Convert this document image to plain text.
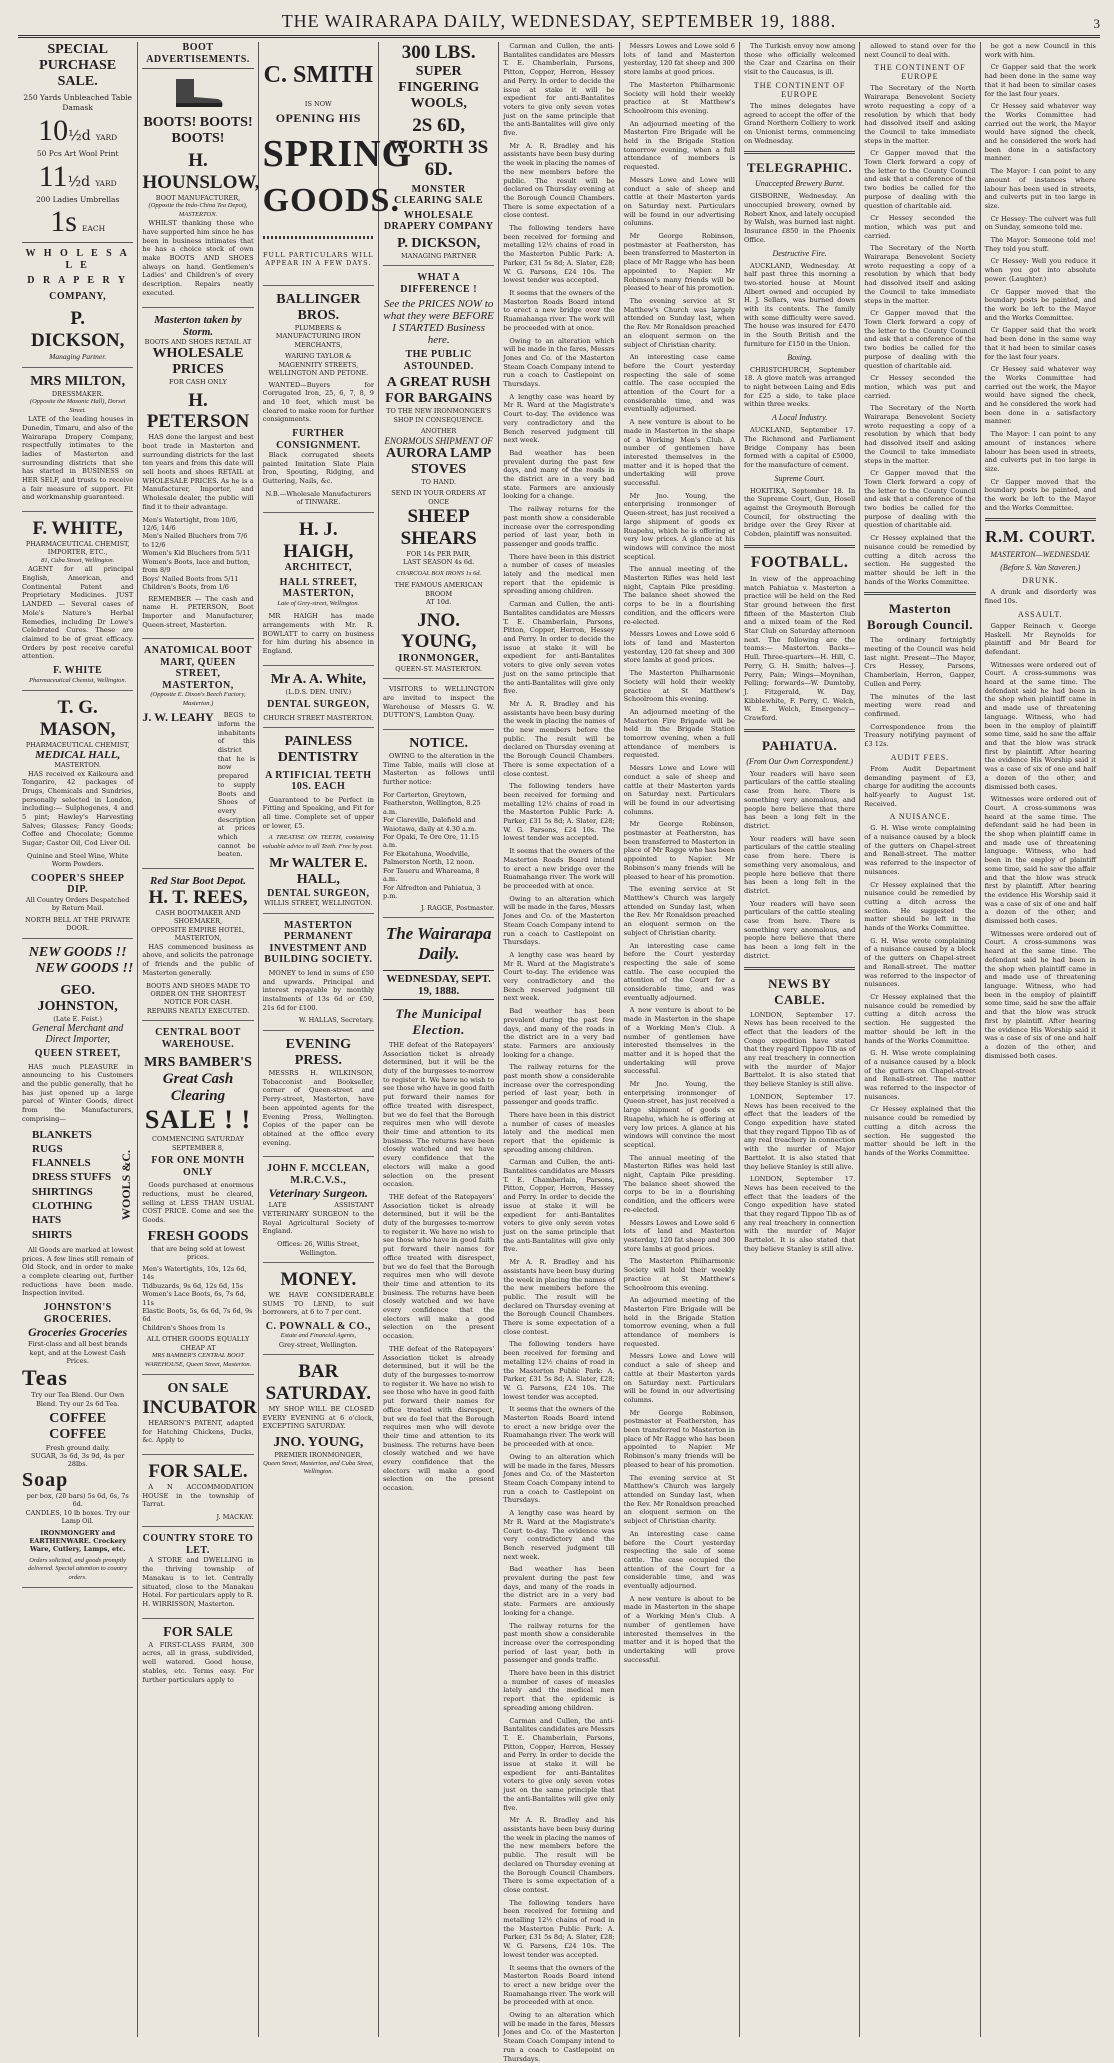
THE WAIRARAPA DAILY, WEDNESDAY, SEPTEMBER 19, 1888.	3
SPECIAL PURCHASE SALE.
250 Yards Unbleached Table Damask
10½d YARD
50 Pcs Art Wool Print
11½d YARD
200 Ladies Umbrellas
1s EACH
W H O L E S A L E
D R A P E R Y
COMPANY,
P. DICKSON,
Managing Partner.
MRS MILTON,
DRESSMAKER.
(Opposite the Masonic Hall), Dorset Street.
LATE of the leading houses in Dunedin, Timaru, and also of the Wairarapa Drapery Company, respectfully intimates to the ladies of Masterton and surrounding districts that she has started in BUSINESS on HER SELF, and trusts to receive a fair measure of support. Fit and workmanship guaranteed.
F. WHITE,
PHARMACEUTICAL CHEMIST,
IMPORTER, ETC.,
81, Cuba Street, Wellington.
AGENT for all principal English, American, and Continental Patent and Proprietary Medicines. JUST LANDED — Several cases of Mole's Nature's Herbal Remedies, including Dr Lowe's Celebrated Cures. These are claimed to be of great efficacy. Orders by post receive careful attention.
F. WHITE
Pharmaceutical Chemist, Wellington.
T. G. MASON,
PHARMACEUTICAL CHEMIST,
MEDICAL HALL,
MASTERTON.
HAS received ex Kaikoura and Tongariro, 42 packages of Drugs, Chemicals and Sundries, personally selected in London, including:— Sulphogenes, 4 and 5 pint; Hawley's Harvesting Salves; Glasses; Fancy Goods; Coffee and Chocolate; Gomme Sugar; Castor Oil, Cod Liver Oil.
Quinine and Steel Wine, White Worm Powders.
COOPER'S SHEEP DIP.
All Country Orders Despatched by Return Mail.
NORTH BELL AT THE PRIVATE DOOR.
NEW GOODS !!
NEW GOODS !!
GEO. JOHNSTON,
(Late E. Feist.)
General Merchant and Direct Importer,
QUEEN STREET,
HAS much PLEASURE in announcing to his Customers and the public generally, that he has just opened up a large parcel of Winter Goods, direct from the Manufacturers, comprising—
BLANKETS
RUGS
FLANNELS
DRESS STUFFS
SHIRTINGS
CLOTHING
HATS
SHIRTS
WOOLS &C.
All Goods are marked at lowest prices. A few lines still remain of Old Stock, and in order to make a complete clearing out, further reductions have been made. Inspection invited.
JOHNSTON'S GROCERIES.
Groceries Groceries
First-class and all best brands kept, and at the Lowest Cash Prices.
Teas
Try our Tea Blend. Our Own Blend. Try our 2s 6d Tea.
COFFEE COFFEE
Fresh ground daily.
SUGAR, 3s 6d, 3s 9d, 4s per 28lbs.
Soap
per box, (20 bars) 5s 6d, 6s, 7s 6d.
CANDLES, 10 lb boxes. Try our Lamp Oil.
IRONMONGERY and EARTHENWARE. Crockery Ware, Cutlery, Lamps, etc.
Orders solicited, and goods promptly delivered. Special attention to country orders.
BOOT ADVERTISEMENTS.
BOOTS! BOOTS! BOOTS!
H. HOUNSLOW,
BOOT MANUFACTURER,
(Opposite the Indo-China Tea Depot), MASTERTON.
WHILST thanking those who have supported him since he has been in business intimates that he has a choice stock of own make BOOTS AND SHOES always on hand. Gentlemen's Ladies' and Children's of every description. Repairs neatly executed.
Masterton taken by Storm.
BOOTS AND SHOES RETAIL AT
WHOLESALE PRICES
FOR CASH ONLY
H. PETERSON
HAS done the largest and best boot trade in Masterton and surrounding districts for the last ten years and from this date will sell boots and shoes RETAIL at WHOLESALE PRICES. As he is a Manufacturer, Importer, and Wholesale dealer, the public will find it to their advantage.
Men's Watertight, from 10/6, 12/6, 14/6
Men's Nailed Bluchers from 7/6 to 12/6
Women's Kid Bluchers from 5/11
Women's Boots, lace and button, from 8/9
Boys' Nailed Boots from 5/11
Children's Boots, from 1/6
REMEMBER — The cash and name H. PETERSON, Boot Importer and Manufacturer, Queen-street, Masterton.
ANATOMICAL BOOT MART, QUEEN STREET, MASTERTON,
(Opposite E. Dixon's Beech Factory, Masterton.)
J. W. LEAHY	BEGS to inform the inhabitants of this district that he is now prepared to supply Boots and Shoes of every description at prices which cannot be beaten.
Red Star Boot Depot.
H. T. REES,
CASH BOOTMAKER AND SHOEMAKER,
OPPOSITE EMPIRE HOTEL, MASTERTON,
HAS commenced business as above, and solicits the patronage of friends and the public of Masterton generally.
BOOTS AND SHOES MADE TO ORDER ON THE SHORTEST NOTICE FOR CASH.
REPAIRS NEATLY EXECUTED.
CENTRAL BOOT WAREHOUSE.
MRS BAMBER'S
Great Cash Clearing
SALE ! !
COMMENCING SATURDAY SEPTEMBER 8,
FOR ONE MONTH ONLY
Goods purchased at enormous reductions, must be cleared, selling at LESS THAN USUAL COST PRICE. Come and see the Goods.
FRESH GOODS
that are being sold at lowest prices.
Men's Watertights, 10s, 12s 6d, 14s
Tidbuzards, 9s 6d, 12s 6d, 15s
Women's Lace Boots, 6s, 7s 6d, 11s
Elastic Boots, 5s, 6s 6d, 7s 6d, 9s 6d
Children's Shoes from 1s
ALL OTHER GOODS EQUALLY CHEAP AT
MRS BAMBER'S CENTRAL BOOT WAREHOUSE, Queen Street, Masterton.
ON SALE
INCUBATOR
HEARSON'S PATENT, adapted for Hatching Chickens, Ducks, &c. Apply to
FOR SALE.
A N ACCOMMODATION HOUSE in the township of Tarrat.
J. MACKAY.
COUNTRY STORE TO LET.
A STORE and DWELLING in the thriving township of Manakau is to let. Centrally situated, close to the Manakau Hotel. For particulars apply to R. H. WIRRISSON, Masterton.
FOR SALE
A FIRST-CLASS FARM, 300 acres, all in grass, subdivided, well watered. Good house, stables, etc. Terms easy. For further particulars apply to
C. SMITH
IS NOW
OPENING HIS
SPRING
GOODS.
FULL PARTICULARS WILL APPEAR IN A FEW DAYS.
BALLINGER BROS.
PLUMBERS & MANUFACTURING IRON MERCHANTS,
WARING TAYLOR & MAGENNITY STREETS, WELLINGTON AND PETONE.
WANTED—Buyers for Corrugated Iron, 25, 6, 7, 8, 9 and 10 feet, which must be cleared to make room for further consignments.
FURTHER CONSIGNMENT.
Black corrugated sheets painted Imitation Slate Plain Iron, Spouting, Ridging, and Guttering, Nails, &c.
N.B.—Wholesale Manufacturers of TINWARE.
H. J. HAIGH,
ARCHITECT,
HALL STREET, MASTERTON,
Late of Grey-street, Wellington.
MR HAIGH has made arrangements with Mr. R. BOWLATT to carry on business for him during his absence in England.
Mr A. A. White,
(L.D.S. DEN. UNIV.)
DENTAL SURGEON,
CHURCH STREET MASTERTON.
PAINLESS DENTISTRY
A RTIFICIAL TEETH 10S. EACH
Guaranteed to be Perfect in Fitting and Speaking, and Fit for all time. Complete set of upper or lower, £5.
A TREATISE ON TEETH, containing valuable advice to all Teeth. Free by post.
Mr WALTER E. HALL,
DENTAL SURGEON,
WILLIS STREET, WELLINGTON.
MASTERTON PERMANENT INVESTMENT AND BUILDING SOCIETY.
MONEY to lend in sums of £50 and upwards. Principal and interest repayable by monthly instalments of 13s 6d or £50, 21s 6d for £100.
W. HALLAS, Secretary.
EVENING PRESS.
MESSRS H. WILKINSON, Tobacconist and Bookseller, corner of Queen-street and Perry-street, Masterton, have been appointed agents for the Evening Press, Wellington. Copies of the paper can be obtained at the office every evening.
JOHN F. MCCLEAN, M.R.C.V.S.,
Veterinary Surgeon.
LATE ASSISTANT VETERINARY SURGEON to the Royal Agricultural Society of England.
Offices: 26, Willis Street, Wellington.
MONEY.
WE HAVE CONSIDERABLE SUMS TO LEND, to suit borrowers, at 6 to 7 per cent.
C. POWNALL & CO.,
Estate and Financial Agents,
Grey-street, Wellington.
BAR SATURDAY.
MY SHOP WILL BE CLOSED EVERY EVENING at 6 o'clock, EXCEPTING SATURDAY.
JNO. YOUNG,
PREMIER IRONMONGER,
Queen Street, Masterton, and Cuba Street, Wellington.
300 LBS.
SUPER
FINGERING
WOOLS,
2S 6D, WORTH 3S 6D.
MONSTER CLEARING SALE
WHOLESALE DRAPERY COMPANY
P. DICKSON,
MANAGING PARTNER
WHAT A DIFFERENCE !
See the PRICES NOW to what they were BEFORE I STARTED Business here.
THE PUBLIC ASTOUNDED.
A GREAT RUSH FOR BARGAINS
TO THE NEW IRONMONGER'S SHOP IN CONSEQUENCE.
ANOTHER
ENORMOUS SHIPMENT OF
AURORA LAMP STOVES
TO HAND.
SEND IN YOUR ORDERS AT ONCE
SHEEP SHEARS
FOR 14s PER PAIR,
LAST SEASON 4s 6d.
CHARCOAL BOX IRONS 1s 6d.
THE FAMOUS AMERICAN BROOM
AT 10d.
JNO. YOUNG,
IRONMONGER,
QUEEN-ST. MASTERTON.
VISITORS to WELLINGTON are invited to inspect the Warehouse of Messrs G. W. DUTTON'S, Lambton Quay.
NOTICE.
OWING to the alteration in the Time Table, mails will close at Masterton as follows until further notice:
For Carterton, Greytown, Featherston, Wellington, 8.25 a.m.
For Clareville, Dalefield and Waiotawa, daily at 4.30 a.m.
For Opaki, Te Ore Ore, 11.15 a.m.
For Eketahuna, Woodville, Palmerston North, 12 noon.
For Taueru and Whareama, 8 a.m.
For Alfredton and Pahiatua, 3 p.m.
J. RAGGE, Postmaster.
The Wairarapa Daily.
WEDNESDAY, SEPT. 19, 1888.
The Municipal Election.
THE defeat of the Ratepayers' Association ticket is already determined, but it will be the duty of the burgesses to-morrow to register it. We have no wish to see those who have in good faith put forward their names for office treated with disrespect, but we do feel that the Borough requires men who will devote their time and attention to its business. The returns have been closely watched and we have every confidence that the electors will make a good selection on the present occasion.
THE defeat of the Ratepayers' Association ticket is already determined, but it will be the duty of the burgesses to-morrow to register it. We have no wish to see those who have in good faith put forward their names for office treated with disrespect, but we do feel that the Borough requires men who will devote their time and attention to its business. The returns have been closely watched and we have every confidence that the electors will make a good selection on the present occasion.
THE defeat of the Ratepayers' Association ticket is already determined, but it will be the duty of the burgesses to-morrow to register it. We have no wish to see those who have in good faith put forward their names for office treated with disrespect, but we do feel that the Borough requires men who will devote their time and attention to its business. The returns have been closely watched and we have every confidence that the electors will make a good selection on the present occasion.
Carman and Cullen, the anti-Bantalites candidates are Messrs T. E. Chamberlain, Parsons, Pitton, Copper, Herron, Hessey and Perry. In order to decide the issue at stake it will be expedient for anti-Bantalites voters to give only seven votes just on the same principle that the anti-Bantalites will give only five.
Mr A. R. Bradley and his assistants have been busy during the week in placing the names of the new members before the public. The result will be declared on Thursday evening at the Borough Council Chambers. There is some expectation of a close contest.
The following tenders have been received for forming and metalling 12½ chains of road in the Masterton Public Park: A. Parker, £31 5s 8d; A. Slater, £28; W. G. Parsons, £24 10s. The lowest tender was accepted.
It seems that the owners of the Masterton Roads Board intend to erect a new bridge over the Ruamahanga river. The work will be proceeded with at once.
Owing to an alteration which will be made in the fares, Messrs Jones and Co. of the Masterton Steam Coach Company intend to run a coach to Castlepoint on Thursdays.
A lengthy case was heard by Mr R. Ward at the Magistrate's Court to-day. The evidence was very contradictory and the Bench reserved judgment till next week.
Bad weather has been prevalent during the past few days, and many of the roads in the district are in a very bad state. Farmers are anxiously looking for a change.
The railway returns for the past month show a considerable increase over the corresponding period of last year, both in passenger and goods traffic.
There have been in this district a number of cases of measles lately and the medical men report that the epidemic is spreading among children.
Carman and Cullen, the anti-Bantalites candidates are Messrs T. E. Chamberlain, Parsons, Pitton, Copper, Herron, Hessey and Perry. In order to decide the issue at stake it will be expedient for anti-Bantalites voters to give only seven votes just on the same principle that the anti-Bantalites will give only five.
Mr A. R. Bradley and his assistants have been busy during the week in placing the names of the new members before the public. The result will be declared on Thursday evening at the Borough Council Chambers. There is some expectation of a close contest.
The following tenders have been received for forming and metalling 12½ chains of road in the Masterton Public Park: A. Parker, £31 5s 8d; A. Slater, £28; W. G. Parsons, £24 10s. The lowest tender was accepted.
It seems that the owners of the Masterton Roads Board intend to erect a new bridge over the Ruamahanga river. The work will be proceeded with at once.
Owing to an alteration which will be made in the fares, Messrs Jones and Co. of the Masterton Steam Coach Company intend to run a coach to Castlepoint on Thursdays.
A lengthy case was heard by Mr R. Ward at the Magistrate's Court to-day. The evidence was very contradictory and the Bench reserved judgment till next week.
Bad weather has been prevalent during the past few days, and many of the roads in the district are in a very bad state. Farmers are anxiously looking for a change.
The railway returns for the past month show a considerable increase over the corresponding period of last year, both in passenger and goods traffic.
There have been in this district a number of cases of measles lately and the medical men report that the epidemic is spreading among children.
Carman and Cullen, the anti-Bantalites candidates are Messrs T. E. Chamberlain, Parsons, Pitton, Copper, Herron, Hessey and Perry. In order to decide the issue at stake it will be expedient for anti-Bantalites voters to give only seven votes just on the same principle that the anti-Bantalites will give only five.
Mr A. R. Bradley and his assistants have been busy during the week in placing the names of the new members before the public. The result will be declared on Thursday evening at the Borough Council Chambers. There is some expectation of a close contest.
The following tenders have been received for forming and metalling 12½ chains of road in the Masterton Public Park: A. Parker, £31 5s 8d; A. Slater, £28; W. G. Parsons, £24 10s. The lowest tender was accepted.
It seems that the owners of the Masterton Roads Board intend to erect a new bridge over the Ruamahanga river. The work will be proceeded with at once.
Owing to an alteration which will be made in the fares, Messrs Jones and Co. of the Masterton Steam Coach Company intend to run a coach to Castlepoint on Thursdays.
A lengthy case was heard by Mr R. Ward at the Magistrate's Court to-day. The evidence was very contradictory and the Bench reserved judgment till next week.
Bad weather has been prevalent during the past few days, and many of the roads in the district are in a very bad state. Farmers are anxiously looking for a change.
The railway returns for the past month show a considerable increase over the corresponding period of last year, both in passenger and goods traffic.
There have been in this district a number of cases of measles lately and the medical men report that the epidemic is spreading among children.
Carman and Cullen, the anti-Bantalites candidates are Messrs T. E. Chamberlain, Parsons, Pitton, Copper, Herron, Hessey and Perry. In order to decide the issue at stake it will be expedient for anti-Bantalites voters to give only seven votes just on the same principle that the anti-Bantalites will give only five.
Mr A. R. Bradley and his assistants have been busy during the week in placing the names of the new members before the public. The result will be declared on Thursday evening at the Borough Council Chambers. There is some expectation of a close contest.
The following tenders have been received for forming and metalling 12½ chains of road in the Masterton Public Park: A. Parker, £31 5s 8d; A. Slater, £28; W. G. Parsons, £24 10s. The lowest tender was accepted.
It seems that the owners of the Masterton Roads Board intend to erect a new bridge over the Ruamahanga river. The work will be proceeded with at once.
Owing to an alteration which will be made in the fares, Messrs Jones and Co. of the Masterton Steam Coach Company intend to run a coach to Castlepoint on Thursdays.
Messrs Lowes and Lowe sold 6 lots of land and Masterton yesterday, 120 fat sheep and 300 store lambs at good prices.
The Masterton Philharmonic Society will hold their weekly practice at St Matthew's Schoolroom this evening.
An adjourned meeting of the Masterton Fire Brigade will be held in the Brigade Station tomorrow evening, when a full attendance of members is requested.
Messrs Lowe and Lowe will conduct a sale of sheep and cattle at their Masterton yards on Saturday next. Particulars will be found in our advertising columns.
Mr George Robinson, postmaster at Featherston, has been transferred to Masterton in place of Mr Ragge who has been appointed to Napier. Mr Robinson's many friends will be pleased to hear of his promotion.
The evening service at St Matthew's Church was largely attended on Sunday last, when the Rev. Mr Ronaldson preached an eloquent sermon on the subject of Christian charity.
An interesting case came before the Court yesterday respecting the sale of some cattle. The case occupied the attention of the Court for a considerable time, and was eventually adjourned.
A new venture is about to be made in Masterton in the shape of a Working Men's Club. A number of gentlemen have interested themselves in the matter and it is hoped that the undertaking will prove successful.
Mr Jno. Young, the enterprising ironmonger of Queen-street, has just received a large shipment of goods ex Ruapehu, which he is offering at very low prices. A glance at his windows will convince the most sceptical.
The annual meeting of the Masterton Rifles was held last night, Captain Pike presiding. The balance sheet showed the corps to be in a flourishing condition, and the officers were re-elected.
Messrs Lowes and Lowe sold 6 lots of land and Masterton yesterday, 120 fat sheep and 300 store lambs at good prices.
The Masterton Philharmonic Society will hold their weekly practice at St Matthew's Schoolroom this evening.
An adjourned meeting of the Masterton Fire Brigade will be held in the Brigade Station tomorrow evening, when a full attendance of members is requested.
Messrs Lowe and Lowe will conduct a sale of sheep and cattle at their Masterton yards on Saturday next. Particulars will be found in our advertising columns.
Mr George Robinson, postmaster at Featherston, has been transferred to Masterton in place of Mr Ragge who has been appointed to Napier. Mr Robinson's many friends will be pleased to hear of his promotion.
The evening service at St Matthew's Church was largely attended on Sunday last, when the Rev. Mr Ronaldson preached an eloquent sermon on the subject of Christian charity.
An interesting case came before the Court yesterday respecting the sale of some cattle. The case occupied the attention of the Court for a considerable time, and was eventually adjourned.
A new venture is about to be made in Masterton in the shape of a Working Men's Club. A number of gentlemen have interested themselves in the matter and it is hoped that the undertaking will prove successful.
Mr Jno. Young, the enterprising ironmonger of Queen-street, has just received a large shipment of goods ex Ruapehu, which he is offering at very low prices. A glance at his windows will convince the most sceptical.
The annual meeting of the Masterton Rifles was held last night, Captain Pike presiding. The balance sheet showed the corps to be in a flourishing condition, and the officers were re-elected.
Messrs Lowes and Lowe sold 6 lots of land and Masterton yesterday, 120 fat sheep and 300 store lambs at good prices.
The Masterton Philharmonic Society will hold their weekly practice at St Matthew's Schoolroom this evening.
An adjourned meeting of the Masterton Fire Brigade will be held in the Brigade Station tomorrow evening, when a full attendance of members is requested.
Messrs Lowe and Lowe will conduct a sale of sheep and cattle at their Masterton yards on Saturday next. Particulars will be found in our advertising columns.
Mr George Robinson, postmaster at Featherston, has been transferred to Masterton in place of Mr Ragge who has been appointed to Napier. Mr Robinson's many friends will be pleased to hear of his promotion.
The evening service at St Matthew's Church was largely attended on Sunday last, when the Rev. Mr Ronaldson preached an eloquent sermon on the subject of Christian charity.
An interesting case came before the Court yesterday respecting the sale of some cattle. The case occupied the attention of the Court for a considerable time, and was eventually adjourned.
A new venture is about to be made in Masterton in the shape of a Working Men's Club. A number of gentlemen have interested themselves in the matter and it is hoped that the undertaking will prove successful.
The Turkish envoy now among those who officially welcomed the Czar and Czarina on their visit to the Caucasus, is ill.
THE CONTINENT OF EUROPE
The mines delegates have agreed to accept the offer of the Grand Northern Colliery to work on Unionist terms, commencing on Wednesday.
TELEGRAPHIC.
Unaccepted Brewery Burnt.
GISBORNE, Wednesday. An unoccupied brewery, owned by Robert Knox, and lately occupied by Walsh, was burned last night. Insurance £850 in the Phoenix Office.
Destructive Fire.
AUCKLAND, Wednesday. At half past three this morning a two-storied house at Mount Albert owned and occupied by H. J. Sellars, was burned down with its contents. The family with some difficulty were saved. The house was insured for £470 in the South British and the furniture for £150 in the Union.
Boxing.
CHRISTCHURCH, September 18. A glove match was arranged to night between Laing and Edis for £25 a side, to take place within three weeks.
A Local Industry.
AUCKLAND, September 17. The Richmond and Parliament Bridge Company has been formed with a capital of £5000, for the manufacture of cement.
Supreme Court.
HOKITIKA, September 18. In the Supreme Court, Gun, Hosell against the Greymouth Borough Council, for obstructing the bridge over the Grey River at Cobden, plaintiff was nonsuited.
FOOTBALL.
In view of the approaching match Pahiatua v. Masterton a practice will be held on the Red Star ground between the first fifteen of the Masterton Club and a mixed team of the Red Star Club on Saturday afternoon next. The following are the teams:— Masterton. Backs—Hull. Three-quarters—H. Hill, C. Perry, G. H. Smith; halves—J. Perry, Pain; Wings—Moynihan, Pelling; forwards—W. Dumtoby, J. Fitzgerald, W. Day, Kibblewhite, F. Perry, C. Welch, W. E. Welch, Emergency—Crawford.
PAHIATUA.
(From Our Own Correspondent.)
Your readers will have seen particulars of the cattle stealing case from here. There is something very anomalous, and people here believe that there has been a long felt in the district.
Your readers will have seen particulars of the cattle stealing case from here. There is something very anomalous, and people here believe that there has been a long felt in the district.
Your readers will have seen particulars of the cattle stealing case from here. There is something very anomalous, and people here believe that there has been a long felt in the district.
NEWS BY CABLE.
LONDON, September 17. News has been received to the effect that the leaders of the Congo expedition have stated that they regard Tippoo Tib as of any real treachery in connection with the murder of Major Barttelot. It is also stated that they believe Stanley is still alive.
LONDON, September 17. News has been received to the effect that the leaders of the Congo expedition have stated that they regard Tippoo Tib as of any real treachery in connection with the murder of Major Barttelot. It is also stated that they believe Stanley is still alive.
LONDON, September 17. News has been received to the effect that the leaders of the Congo expedition have stated that they regard Tippoo Tib as of any real treachery in connection with the murder of Major Barttelot. It is also stated that they believe Stanley is still alive.
allowed to stand over for the next Council to deal with.
THE CONTINENT OF EUROPE
The Secretary of the North Wairarapa Benevolent Society wrote requesting a copy of a resolution by which that body had dissolved itself and asking the Council to take immediate steps in the matter.
Cr Gapper moved that the Town Clerk forward a copy of the letter to the County Council and ask that a conference of the two bodies be called for the purpose of dealing with the question of charitable aid.
Cr Hessey seconded the motion, which was put and carried.
The Secretary of the North Wairarapa Benevolent Society wrote requesting a copy of a resolution by which that body had dissolved itself and asking the Council to take immediate steps in the matter.
Cr Gapper moved that the Town Clerk forward a copy of the letter to the County Council and ask that a conference of the two bodies be called for the purpose of dealing with the question of charitable aid.
Cr Hessey seconded the motion, which was put and carried.
The Secretary of the North Wairarapa Benevolent Society wrote requesting a copy of a resolution by which that body had dissolved itself and asking the Council to take immediate steps in the matter.
Cr Gapper moved that the Town Clerk forward a copy of the letter to the County Council and ask that a conference of the two bodies be called for the purpose of dealing with the question of charitable aid.
Cr Hessey explained that the nuisance could be remedied by cutting a ditch across the section. He suggested the matter should be left in the hands of the Works Committee.
Masterton Borough Council.
The ordinary fortnightly meeting of the Council was held last night. Present—The Mayor, Crs Hessey, Parsons, Chamberlain, Herron, Gapper, Cullen and Perry.
The minutes of the last meeting were read and confirmed.
Correspondence from the Treasury notifying payment of £3 12s.
AUDIT FEES.
From Audit Department demanding payment of £3, charge for auditing the accounts half-yearly to August 1st. Received.
A NUISANCE.
G. H. Wise wrote complaining of a nuisance caused by a block of the gutters on Chapel-street and Renall-street. The matter was referred to the inspector of nuisances.
Cr Hessey explained that the nuisance could be remedied by cutting a ditch across the section. He suggested the matter should be left in the hands of the Works Committee.
G. H. Wise wrote complaining of a nuisance caused by a block of the gutters on Chapel-street and Renall-street. The matter was referred to the inspector of nuisances.
Cr Hessey explained that the nuisance could be remedied by cutting a ditch across the section. He suggested the matter should be left in the hands of the Works Committee.
G. H. Wise wrote complaining of a nuisance caused by a block of the gutters on Chapel-street and Renall-street. The matter was referred to the inspector of nuisances.
Cr Hessey explained that the nuisance could be remedied by cutting a ditch across the section. He suggested the matter should be left in the hands of the Works Committee.
be got a new Council in this work with him.
Cr Gapper said that the work had been done in the same way that it had been to similar cases for the last four years.
Cr Hessey said whatever way the Works Committee had carried out the work, the Mayor would have signed the check, and he considered the work had been done in a satisfactory manner.
The Mayor: I can point to any amount of instances where labour has been used in streets, and culverts put in too large in size.
Cr Hessey: The culvert was full on Sunday, someone told me.
The Mayor: Someone told me! They told you stuff.
Cr Hessey: Well you reduce it when you got into absolute power. (Laughter.)
Cr Gapper moved that the boundary posts be painted, and the work be left to the Mayor and the Works Committee.
Cr Gapper said that the work had been done in the same way that it had been to similar cases for the last four years.
Cr Hessey said whatever way the Works Committee had carried out the work, the Mayor would have signed the check, and he considered the work had been done in a satisfactory manner.
The Mayor: I can point to any amount of instances where labour has been used in streets, and culverts put in too large in size.
Cr Gapper moved that the boundary posts be painted, and the work be left to the Mayor and the Works Committee.
R.M. COURT.
MASTERTON—WEDNESDAY.
(Before S. Van Staveren.)
DRUNK.
A drunk and disorderly was fined 10s.
ASSAULT.
Gapper Reinach v. George Haskell. Mr Reynolds for plaintiff and Mr Beard for defendant.
Witnesses were ordered out of Court. A cross-summons was heard at the same time. The defendant said he had been in the shop when plaintiff came in and made use of threatening language. Witness, who had been in the employ of plaintiff some time, said he saw the affair and that the blow was struck first by plaintiff. After hearing the evidence His Worship said it was a case of six of one and half a dozen of the other, and dismissed both cases.
Witnesses were ordered out of Court. A cross-summons was heard at the same time. The defendant said he had been in the shop when plaintiff came in and made use of threatening language. Witness, who had been in the employ of plaintiff some time, said he saw the affair and that the blow was struck first by plaintiff. After hearing the evidence His Worship said it was a case of six of one and half a dozen of the other, and dismissed both cases.
Witnesses were ordered out of Court. A cross-summons was heard at the same time. The defendant said he had been in the shop when plaintiff came in and made use of threatening language. Witness, who had been in the employ of plaintiff some time, said he saw the affair and that the blow was struck first by plaintiff. After hearing the evidence His Worship said it was a case of six of one and half a dozen of the other, and dismissed both cases.
